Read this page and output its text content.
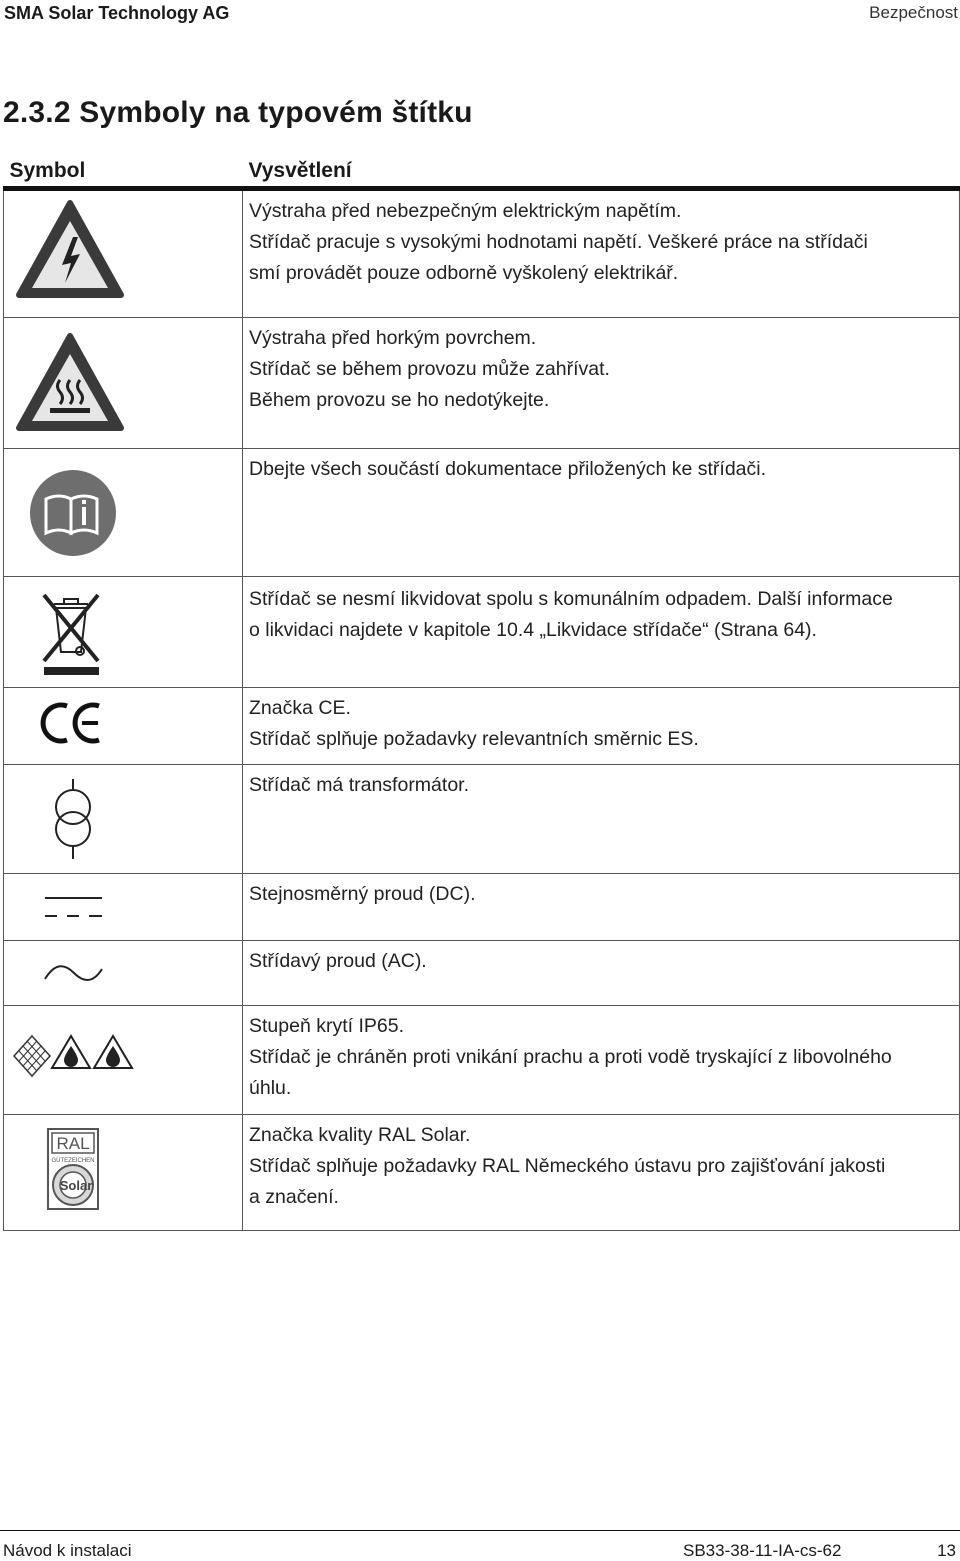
SMA Solar Technology AG	Bezpečnost
2.3.2 Symboly na typovém štítku
Symbol	Vysvětlení

Výstraha před nebezpečným elektrickým napětím.
Střídač pracuje s vysokými hodnotami napětí. Veškeré práce na střídači
smí provádět pouze odborně vyškolený elektrikář.

Výstraha před horkým povrchem.
Střídač se během provozu může zahřívat.
Během provozu se ho nedotýkejte.

Dbejte všech součástí dokumentace přiložených ke střídači.

Střídač se nesmí likvidovat spolu s komunálním odpadem. Další informace
o likvidaci najdete v kapitole 10.4 „Likvidace střídače“ (Strana 64).

Značka CE.
Střídač splňuje požadavky relevantních směrnic ES.

Střídač má transformátor.

Stejnosměrný proud (DC).

Střídavý proud (AC).

Stupeň krytí IP65.
Střídač je chráněn proti vnikání prachu a proti vodě tryskající z libovolného
úhlu.

RAL
GÜTEZEICHEN
Solar	Značka kvality RAL Solar.
Střídač splňuje požadavky RAL Německého ústavu pro zajišťování jakosti
a značení.
Návod k instalaci	SB33-38-11-IA-cs-62	13
